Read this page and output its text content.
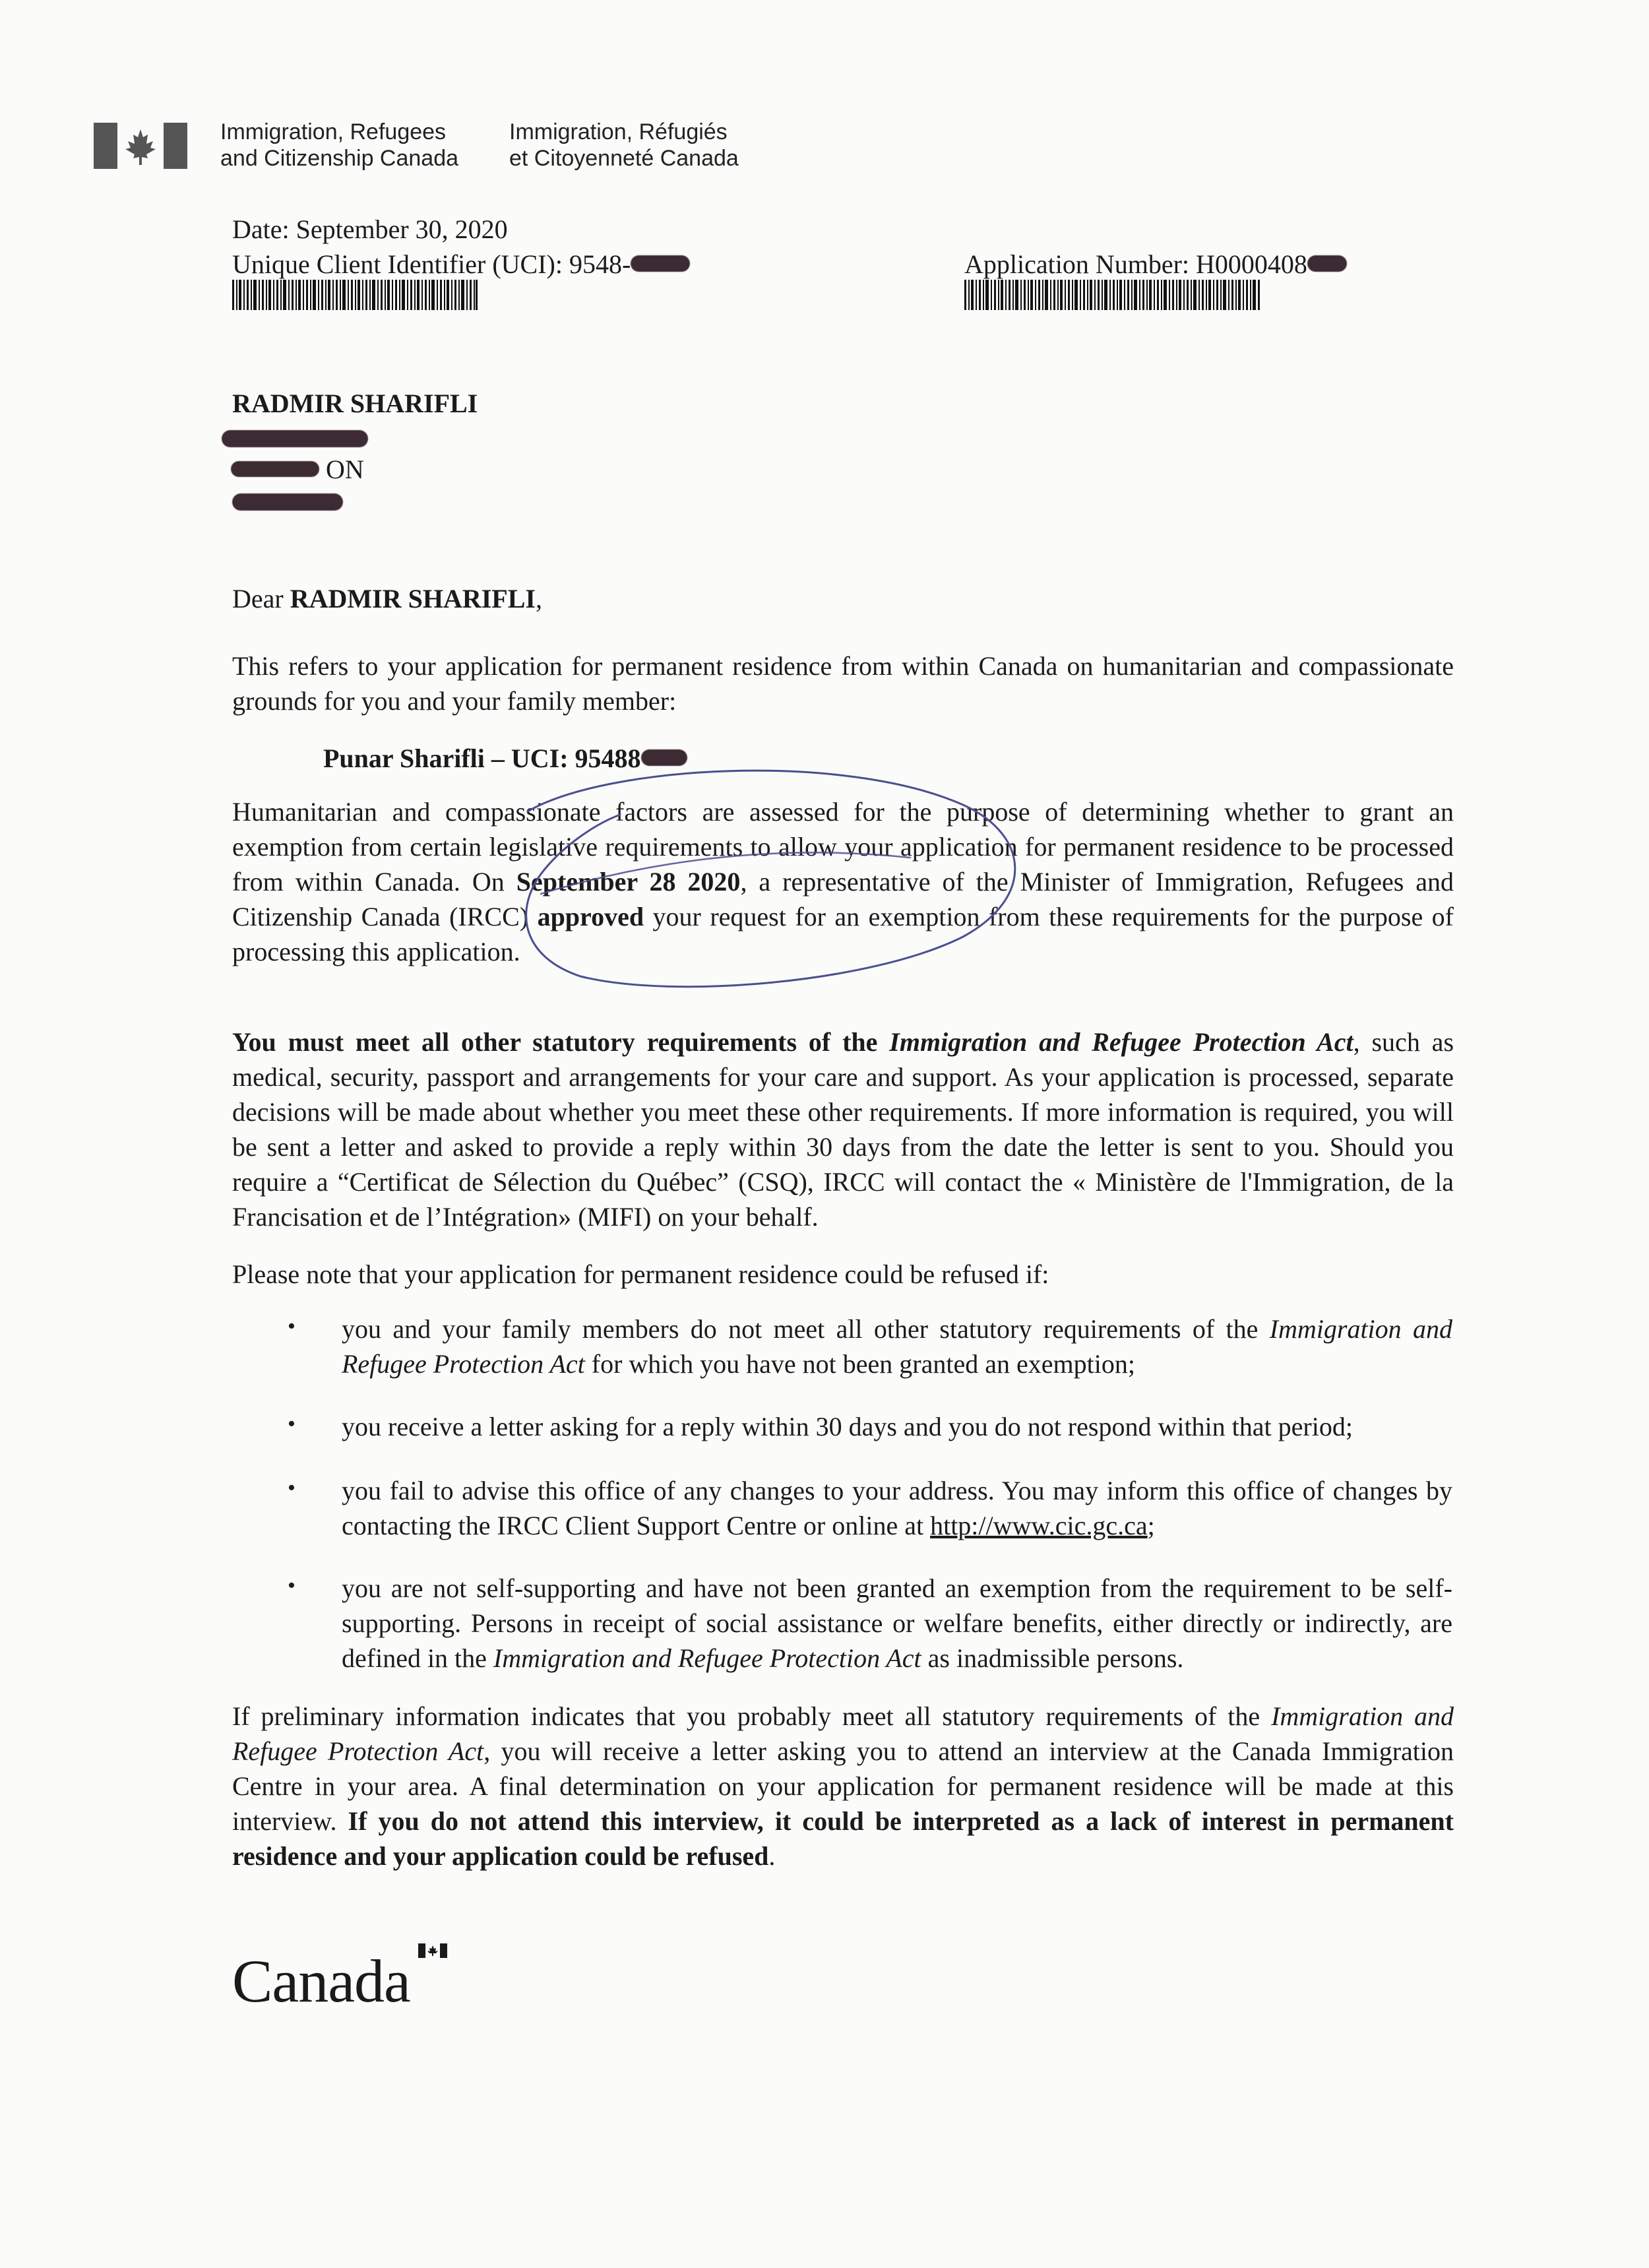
Immigration, Refugees
and Citizenship Canada
Immigration, Réfugiés
et Citoyenneté Canada
Date: September 30, 2020
Unique Client Identifier (UCI): 9548-	Application Number: H0000408
RADMIR SHARIFLI
ON
Dear RADMIR SHARIFLI,
This refers to your application for permanent residence from within Canada on humanitarian and compassionate grounds for you and your family member:
Punar Sharifli – UCI: 95488
Humanitarian and compassionate factors are assessed for the purpose of determining whether to grant an exemption from certain legislative requirements to allow your application for permanent residence to be processed from within Canada. On September 28 2020, a representative of the Minister of Immigration, Refugees and Citizenship Canada (IRCC) approved your request for an exemption from these requirements for the purpose of processing this application.
You must meet all other statutory requirements of the Immigration and Refugee Protection Act, such as medical, security, passport and arrangements for your care and support. As your application is processed, separate decisions will be made about whether you meet these other requirements. If more information is required, you will be sent a letter and asked to provide a reply within 30 days from the date the letter is sent to you. Should you require a “Certificat de Sélection du Québec” (CSQ), IRCC will contact the « Ministère de l'Immigration, de la Francisation et de l’Intégration» (MIFI) on your behalf.
Please note that your application for permanent residence could be refused if:
• you and your family members do not meet all other statutory requirements of the Immigration and Refugee Protection Act for which you have not been granted an exemption;
• you receive a letter asking for a reply within 30 days and you do not respond within that period;
• you fail to advise this office of any changes to your address. You may inform this office of changes by contacting the IRCC Client Support Centre or online at http://www.cic.gc.ca;
• you are not self-supporting and have not been granted an exemption from the requirement to be self-supporting. Persons in receipt of social assistance or welfare benefits, either directly or indirectly, are defined in the Immigration and Refugee Protection Act as inadmissible persons.
If preliminary information indicates that you probably meet all statutory requirements of the Immigration and Refugee Protection Act, you will receive a letter asking you to attend an interview at the Canada Immigration Centre in your area. A final determination on your application for permanent residence will be made at this interview. If you do not attend this interview, it could be interpreted as a lack of interest in permanent residence and your application could be refused.
Canada
